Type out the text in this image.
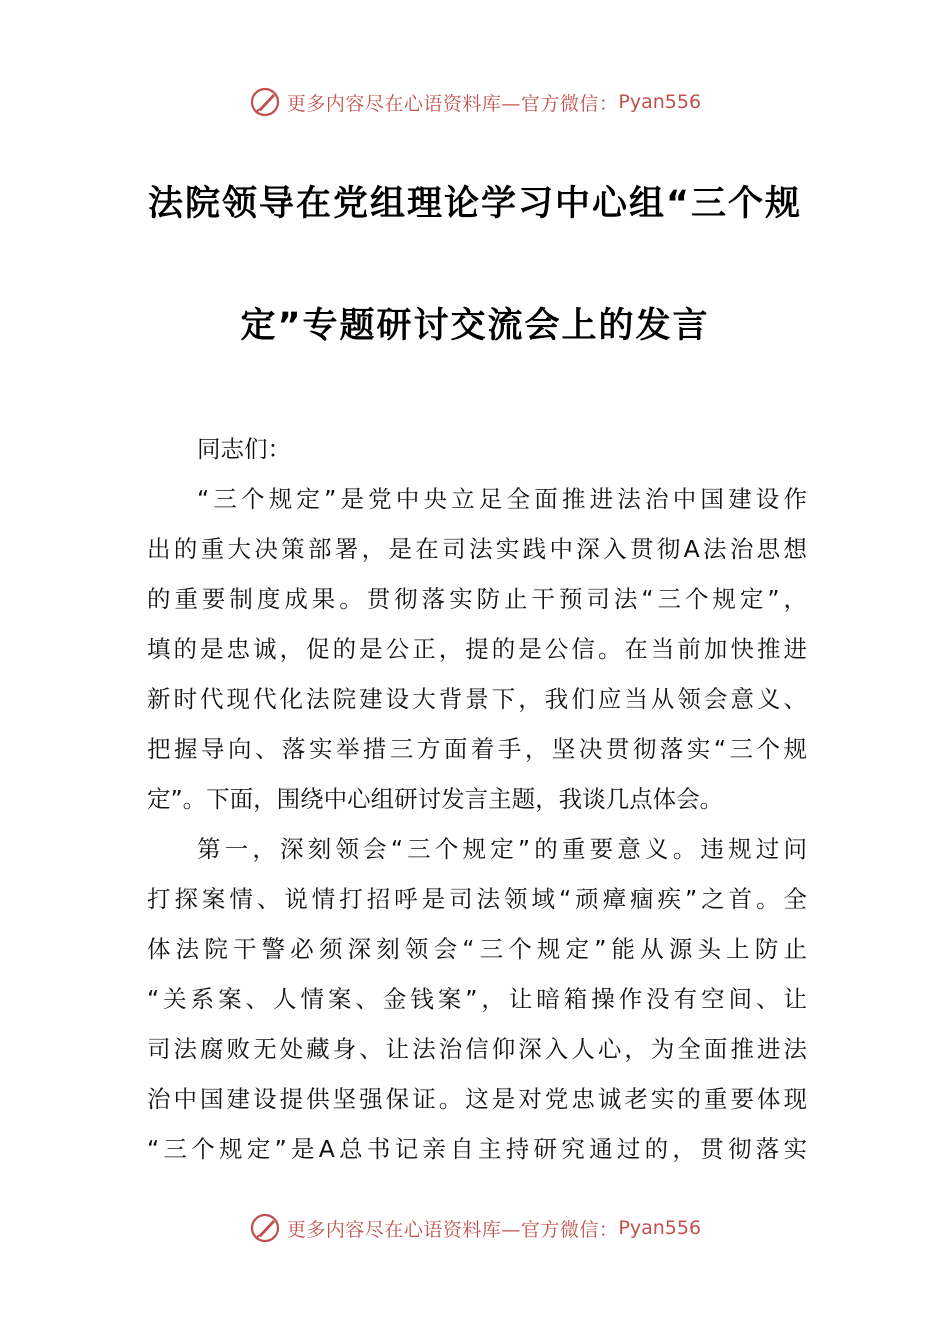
更多内容尽在心语资料库—官方微信： Pyan556
法院领导在党组理论学习中心组“三个规
定”专题研讨交流会上的发言
同志们：
“三个规定”是党中央立足全面推进法治中国建设作
出的重大决策部署，是在司法实践中深入贯彻A法治思想
的重要制度成果。贯彻落实防止干预司法“三个规定”，
填的是忠诚，促的是公正，提的是公信。在当前加快推进
新时代现代化法院建设大背景下，我们应当从领会意义、
把握导向、落实举措三方面着手，坚决贯彻落实“三个规
定”。下面，围绕中心组研讨发言主题，我谈几点体会。
第一，深刻领会“三个规定”的重要意义。违规过问
打探案情、说情打招呼是司法领域“顽瘴痼疾”之首。全
体法院干警必须深刻领会“三个规定”能从源头上防止
“关系案、人情案、金钱案”，让暗箱操作没有空间、让
司法腐败无处藏身、让法治信仰深入人心，为全面推进法
治中国建设提供坚强保证。这是对党忠诚老实的重要体现
“三个规定”是A总书记亲自主持研究通过的，贯彻落实
更多内容尽在心语资料库—官方微信： Pyan556
